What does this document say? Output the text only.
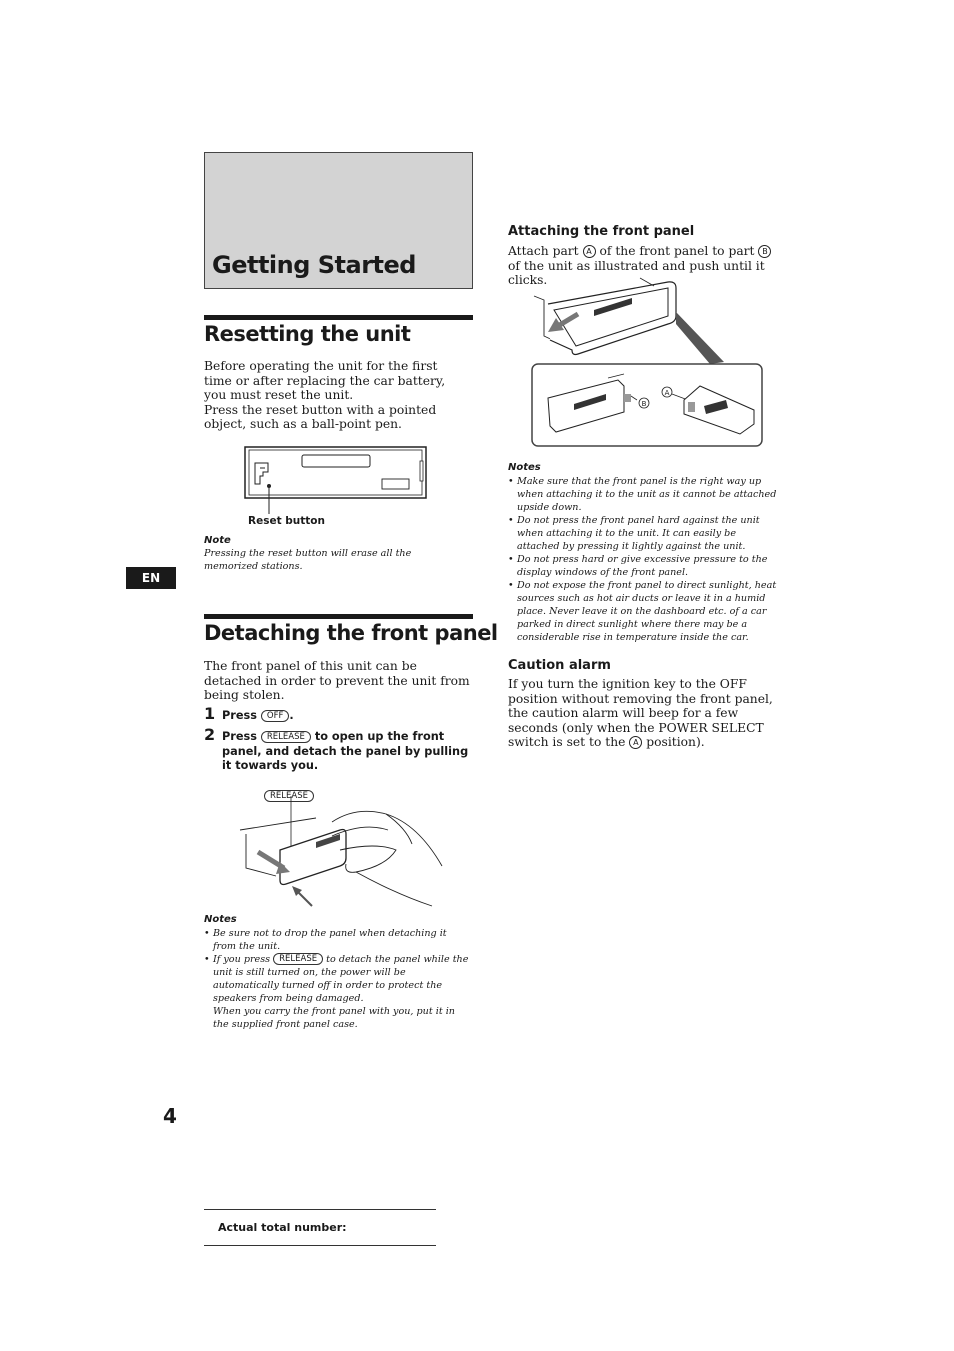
Getting Started
Resetting the unit
Before operating the unit for the first time or after replacing the car battery, you must reset the unit.
Press the reset button with a pointed object, such as a ball-point pen.
Reset button
Note
Pressing the reset button will erase all the memorized stations.
EN
Detaching the front panel
The front panel of this unit can be detached in order to prevent the unit from being stolen.
1 Press OFF .
2 Press RELEASE to open up the front panel, and detach the panel by pulling it towards you.
RELEASE
Notes
• Be sure not to drop the panel when detaching it from the unit.
• If you press RELEASE to detach the panel while the unit is still turned on, the power will be automatically turned off in order to protect the speakers from being damaged.
When you carry the front panel with you, put it in the supplied front panel case.
4
Actual total number:
Attaching the front panel
Attach part A of the front panel to part B of the unit as illustrated and push until it clicks.
B
A
Notes
• Make sure that the front panel is the right way up when attaching it to the unit as it cannot be attached upside down.
• Do not press the front panel hard against the unit when attaching it to the unit. It can easily be attached by pressing it lightly against the unit.
• Do not press hard or give excessive pressure to the display windows of the front panel.
• Do not expose the front panel to direct sunlight, heat sources such as hot air ducts or leave it in a humid place. Never leave it on the dashboard etc. of a car parked in direct sunlight where there may be a considerable rise in temperature inside the car.
Caution alarm
If you turn the ignition key to the OFF position without removing the front panel, the caution alarm will beep for a few seconds (only when the POWER SELECT switch is set to the A position).
